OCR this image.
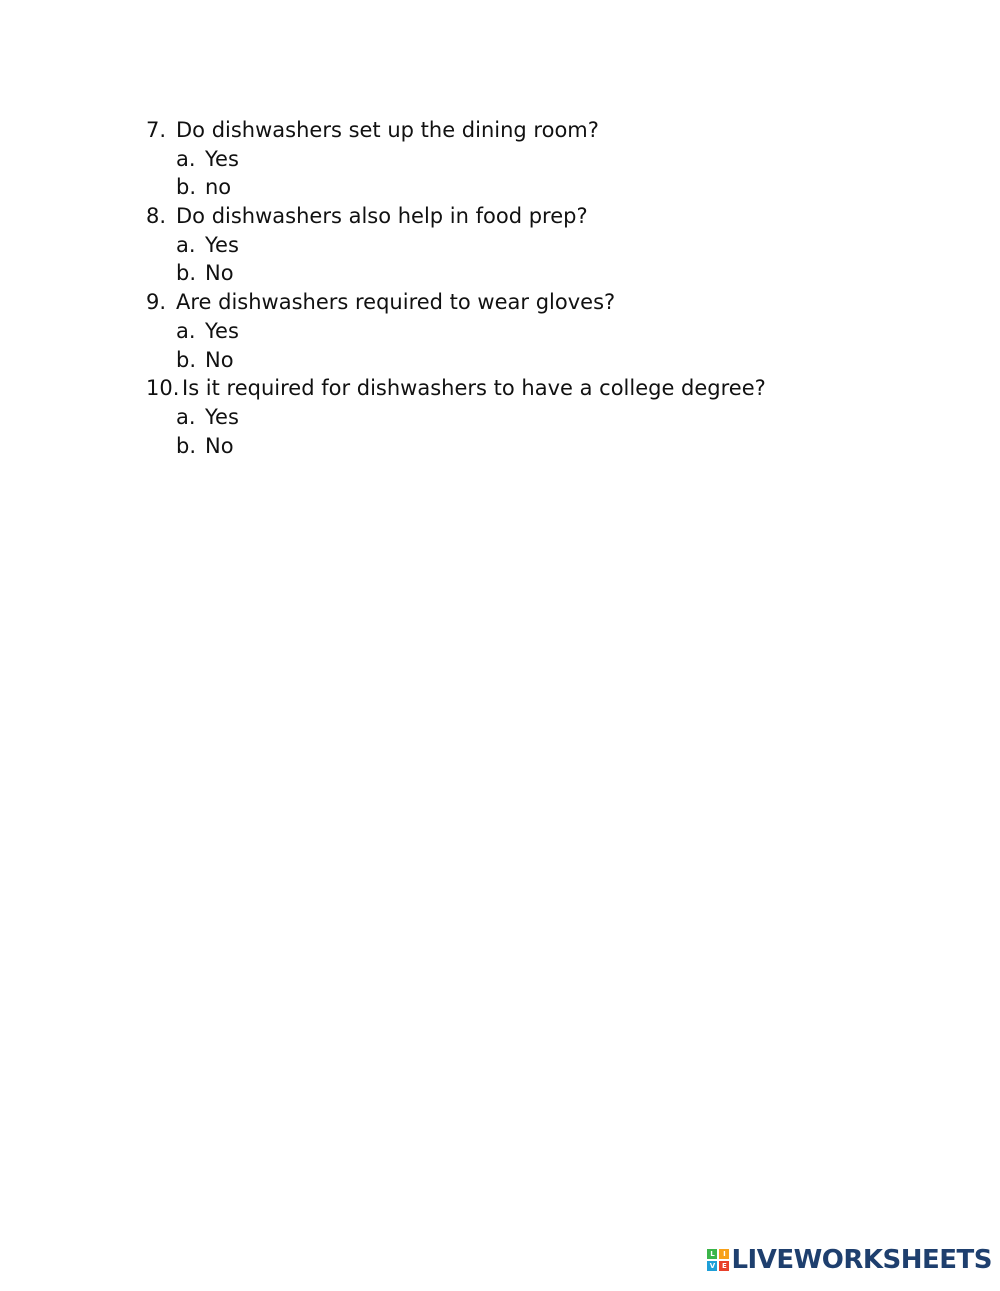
7. Do dishwashers set up the dining room?
a. Yes
b. no
8. Do dishwashers also help in food prep?
a. Yes
b. No
9. Are dishwashers required to wear gloves?
a. Yes
b. No
10. Is it required for dishwashers to have a college degree?
a. Yes
b. No
L	I
V E LIVEWORKSHEETS
